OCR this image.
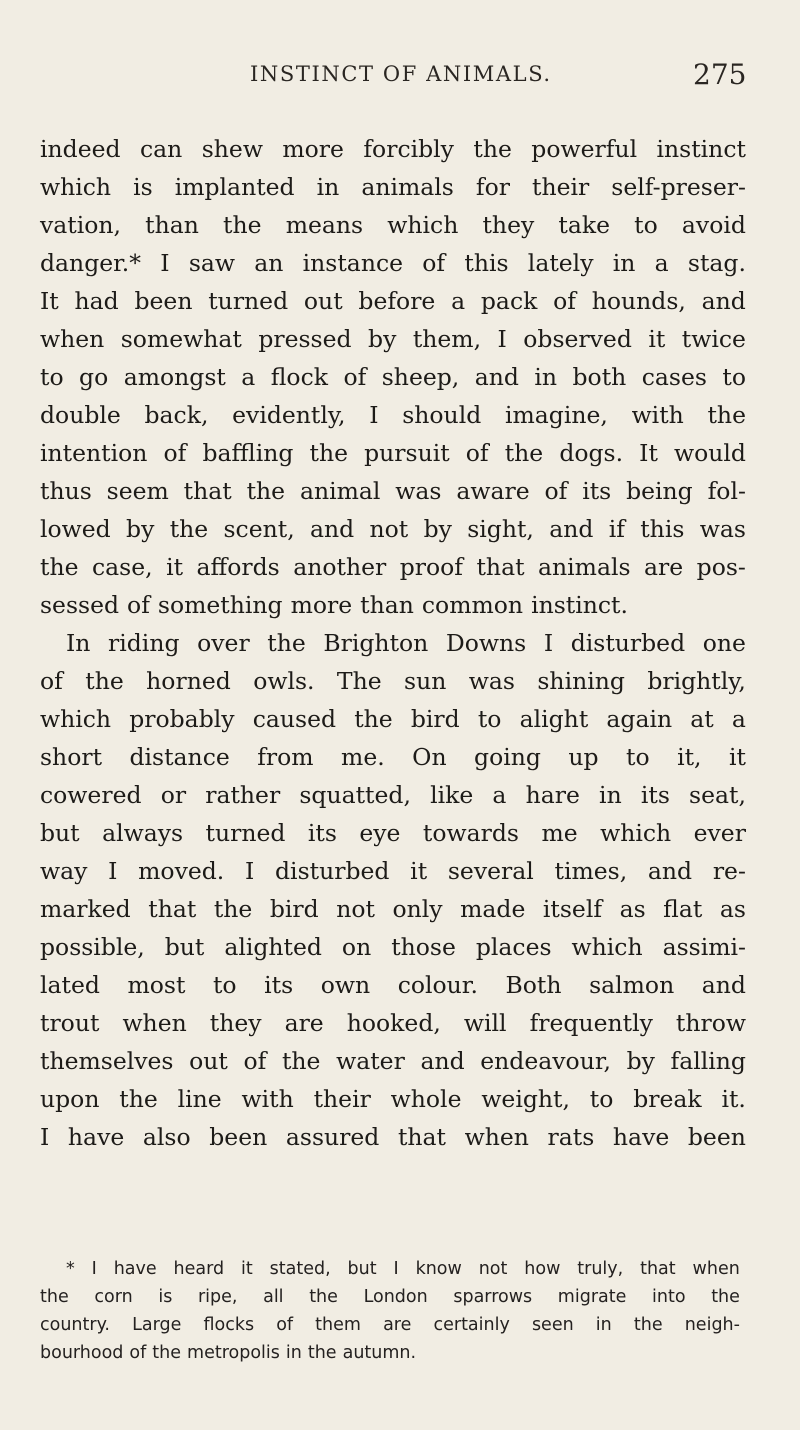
INSTINCT OF ANIMALS.	275
indeed can shew more forcibly the powerful instinct
which is implanted in animals for their self-preser-
vation, than the means which they take to avoid
danger.* I saw an instance of this lately in a stag.
It had been turned out before a pack of hounds, and
when somewhat pressed by them, I observed it twice
to go amongst a flock of sheep, and in both cases to
double back, evidently, I should imagine, with the
intention of baffling the pursuit of the dogs. It would
thus seem that the animal was aware of its being fol-
lowed by the scent, and not by sight, and if this was
the case, it affords another proof that animals are pos-
sessed of something more than common instinct.
In riding over the Brighton Downs I disturbed one
of the horned owls. The sun was shining brightly,
which probably caused the bird to alight again at a
short distance from me. On going up to it, it
cowered or rather squatted, like a hare in its seat,
but always turned its eye towards me which ever
way I moved. I disturbed it several times, and re-
marked that the bird not only made itself as flat as
possible, but alighted on those places which assimi-
lated most to its own colour. Both salmon and
trout when they are hooked, will frequently throw
themselves out of the water and endeavour, by falling
upon the line with their whole weight, to break it.
I have also been assured that when rats have been
* I have heard it stated, but I know not how truly, that when
the corn is ripe, all the London sparrows migrate into the
country. Large flocks of them are certainly seen in the neigh-
bourhood of the metropolis in the autumn.
